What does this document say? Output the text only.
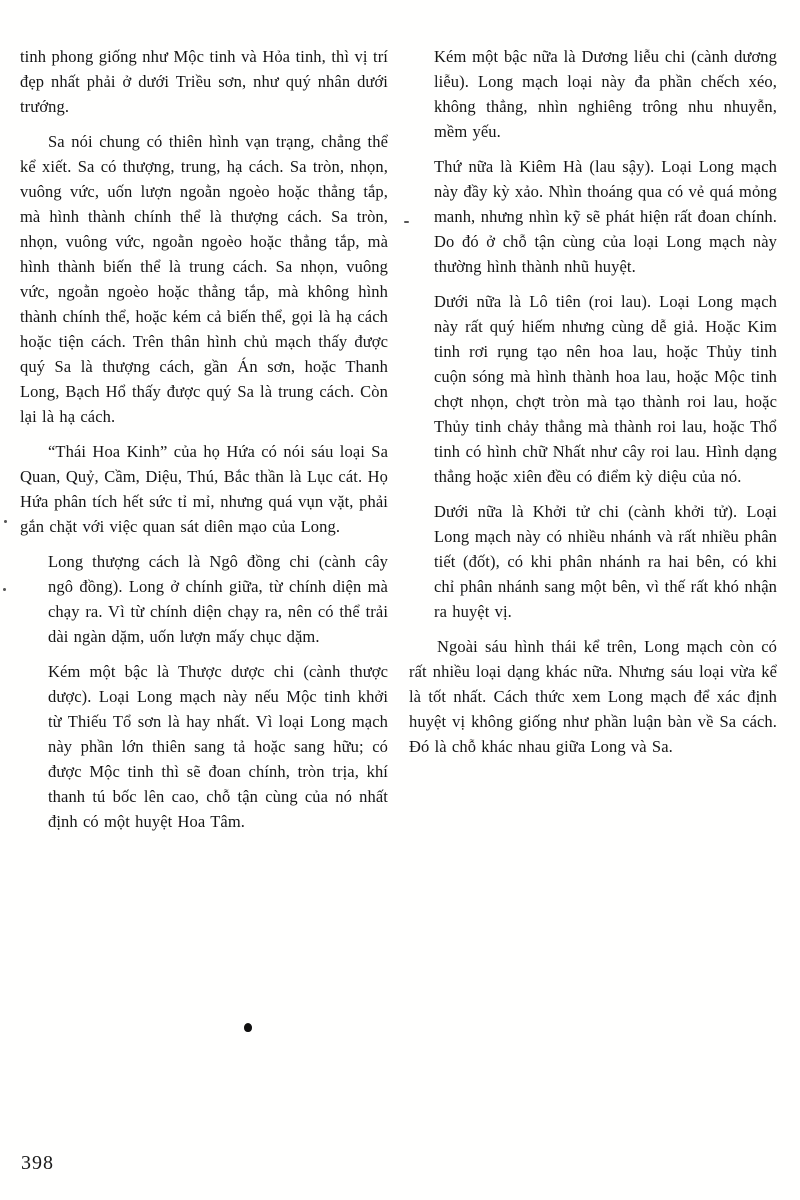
tinh phong giống như Mộc tinh và Hỏa tinh, thì vị trí đẹp nhất phải ở dưới Triều sơn, như quý nhân dưới trướng.

Sa nói chung có thiên hình vạn trạng, chẳng thể kể xiết. Sa có thượng, trung, hạ cách. Sa tròn, nhọn, vuông vức, uốn lượn ngoằn ngoèo hoặc thẳng tắp, mà hình thành chính thể là thượng cách. Sa tròn, nhọn, vuông vức, ngoằn ngoèo hoặc thẳng tắp, mà hình thành biến thể là trung cách. Sa nhọn, vuông vức, ngoằn ngoèo hoặc thẳng tắp, mà không hình thành chính thể, hoặc kém cả biến thể, gọi là hạ cách hoặc tiện cách. Trên thân hình chủ mạch thấy được quý Sa là thượng cách, gần Án sơn, hoặc Thanh Long, Bạch Hổ thấy được quý Sa là trung cách. Còn lại là hạ cách.

“Thái Hoa Kinh” của họ Hứa có nói sáu loại Sa Quan, Quỷ, Cầm, Diệu, Thú, Bắc thần là Lục cát. Họ Hứa phân tích hết sức tỉ mỉ, nhưng quá vụn vặt, phải gắn chặt với việc quan sát diên mạo của Long.

Long thượng cách là Ngô đồng chi (cành cây ngô đồng). Long ở chính giữa, từ chính diện mà chạy ra. Vì từ chính diện chạy ra, nên có thể trải dài ngàn dặm, uốn lượn mấy chục dặm.

Kém một bậc là Thược dược chi (cành thược dược). Loại Long mạch này nếu Mộc tinh khởi từ Thiếu Tổ sơn là hay nhất. Vì loại Long mạch này phần lớn thiên sang tả hoặc sang hữu; có được Mộc tinh thì sẽ đoan chính, tròn trịa, khí thanh tú bốc lên cao, chỗ tận cùng của nó nhất định có một huyệt Hoa Tâm.

Kém một bậc nữa là Dương liễu chi (cành dương liễu). Long mạch loại này đa phần chếch xéo, không thẳng, nhìn nghiêng trông nhu nhuyễn, mềm yếu.

Thứ nữa là Kiêm Hà (lau sậy). Loại Long mạch này đầy kỳ xảo. Nhìn thoáng qua có vẻ quá mỏng manh, nhưng nhìn kỹ sẽ phát hiện rất đoan chính. Do đó ở chỗ tận cùng của loại Long mạch này thường hình thành nhũ huyệt.

Dưới nữa là Lô tiên (roi lau). Loại Long mạch này rất quý hiếm nhưng cùng dễ giả. Hoặc Kim tinh rơi rụng tạo nên hoa lau, hoặc Thủy tinh cuộn sóng mà hình thành hoa lau, hoặc Mộc tinh chợt nhọn, chợt tròn mà tạo thành roi lau, hoặc Thủy tinh chảy thẳng mà thành roi lau, hoặc Thổ tinh có hình chữ Nhất như cây roi lau. Hình dạng thẳng hoặc xiên đều có điểm kỳ diệu của nó.

Dưới nữa là Khởi tử chi (cành khởi tử). Loại Long mạch này có nhiều nhánh và rất nhiều phân tiết (đốt), có khi phân nhánh ra hai bên, có khi chỉ phân nhánh sang một bên, vì thế rất khó nhận ra huyệt vị.

Ngoài sáu hình thái kể trên, Long mạch còn có rất nhiều loại dạng khác nữa. Nhưng sáu loại vừa kể là tốt nhất. Cách thức xem Long mạch để xác định huyệt vị không giống như phần luận bàn về Sa cách. Đó là chỗ khác nhau giữa Long và Sa.

398
